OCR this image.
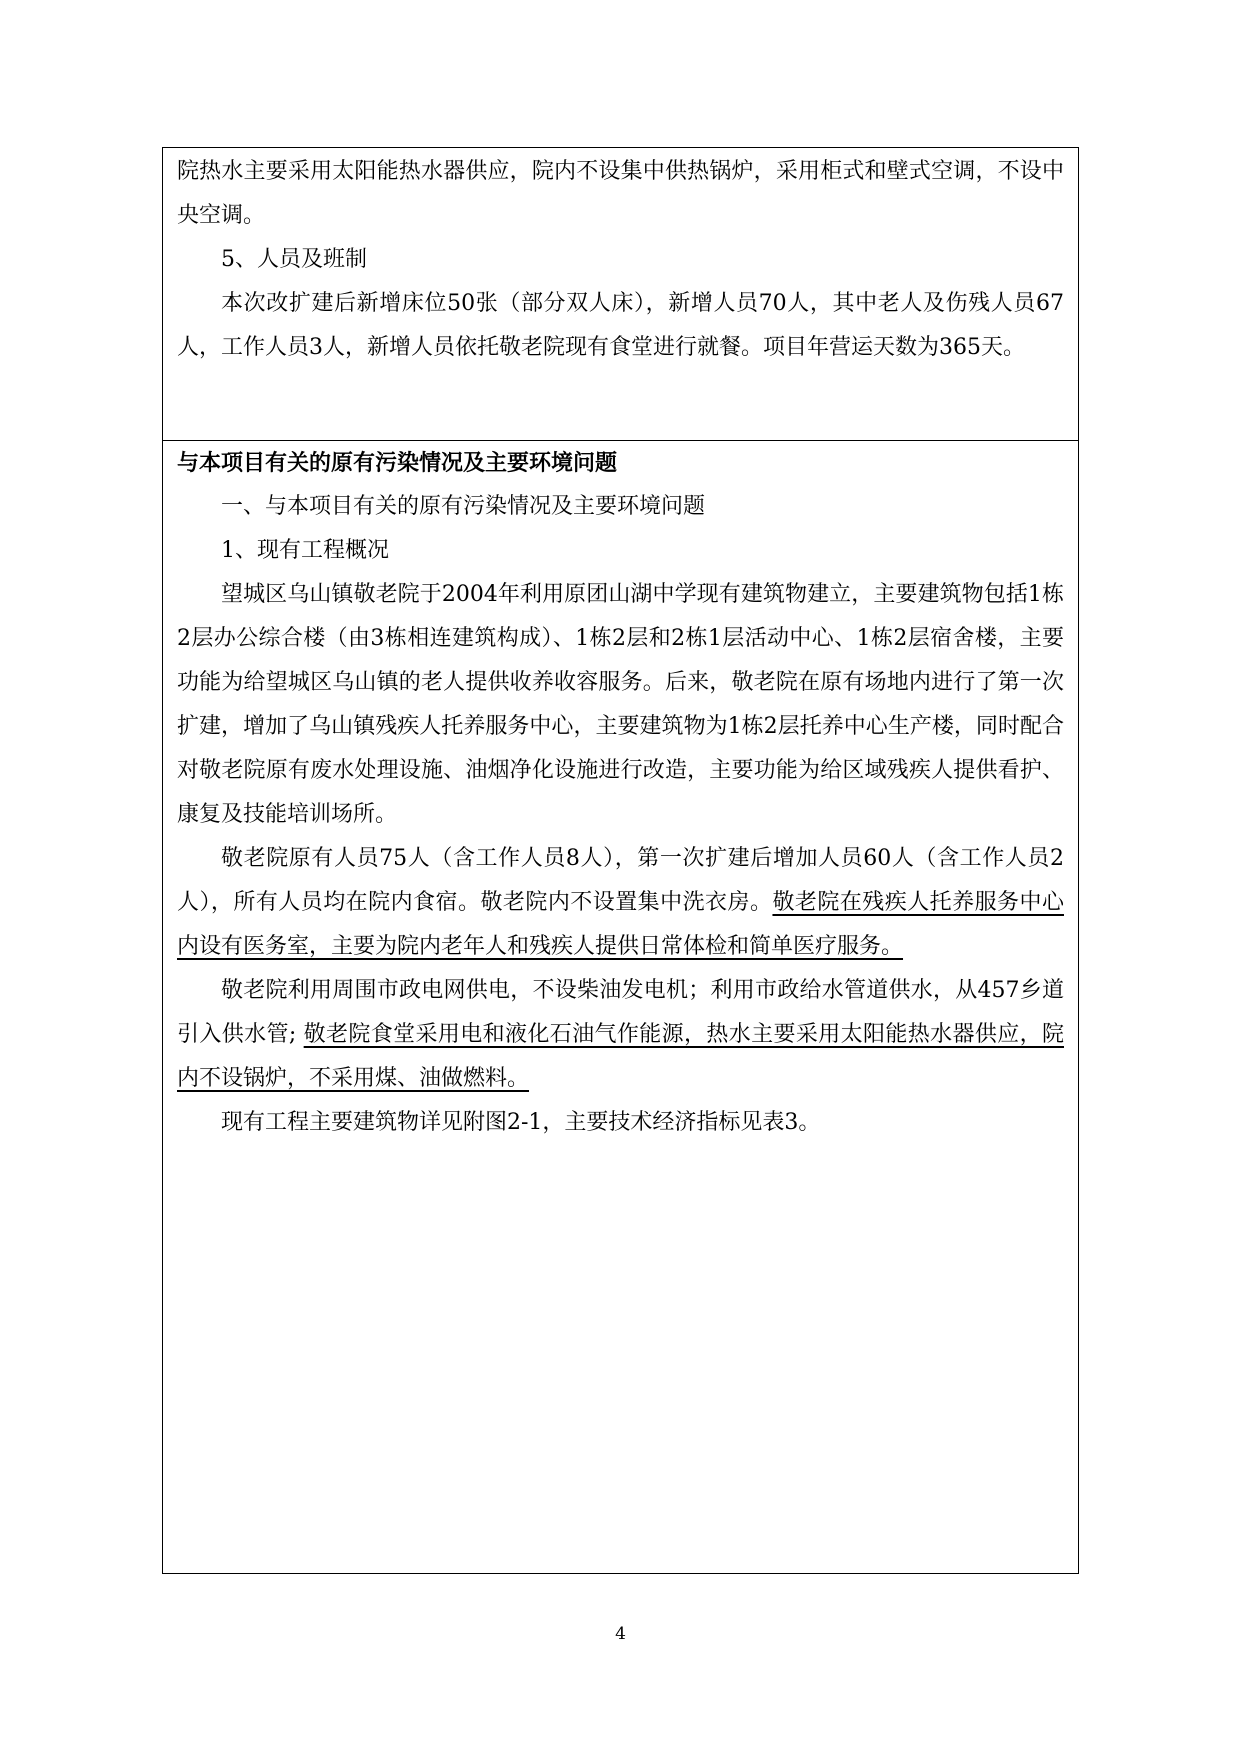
院热水主要采用太阳能热水器供应，院内不设集中供热锅炉，采用柜式和壁式空调，不设中央空调。

5、人员及班制

本次改扩建后新增床位50张（部分双人床），新增人员70人，其中老人及伤残人员67人，工作人员3人，新增人员依托敬老院现有食堂进行就餐。项目年营运天数为365天。

与本项目有关的原有污染情况及主要环境问题

一、与本项目有关的原有污染情况及主要环境问题

1、现有工程概况

望城区乌山镇敬老院于2004年利用原团山湖中学现有建筑物建立，主要建筑物包括1栋2层办公综合楼（由3栋相连建筑构成）、1栋2层和2栋1层活动中心、1栋2层宿舍楼，主要功能为给望城区乌山镇的老人提供收养收容服务。后来，敬老院在原有场地内进行了第一次扩建，增加了乌山镇残疾人托养服务中心，主要建筑物为1栋2层托养中心生产楼，同时配合对敬老院原有废水处理设施、油烟净化设施进行改造，主要功能为给区域残疾人提供看护、康复及技能培训场所。

敬老院原有人员75人（含工作人员8人），第一次扩建后增加人员60人（含工作人员2人），所有人员均在院内食宿。敬老院内不设置集中洗衣房。敬老院在残疾人托养服务中心内设有医务室，主要为院内老年人和残疾人提供日常体检和简单医疗服务。

敬老院利用周围市政电网供电，不设柴油发电机；利用市政给水管道供水，从457乡道引入供水管; 敬老院食堂采用电和液化石油气作能源，热水主要采用太阳能热水器供应，院内不设锅炉，不采用煤、油做燃料。

现有工程主要建筑物详见附图2-1，主要技术经济指标见表3。

4
